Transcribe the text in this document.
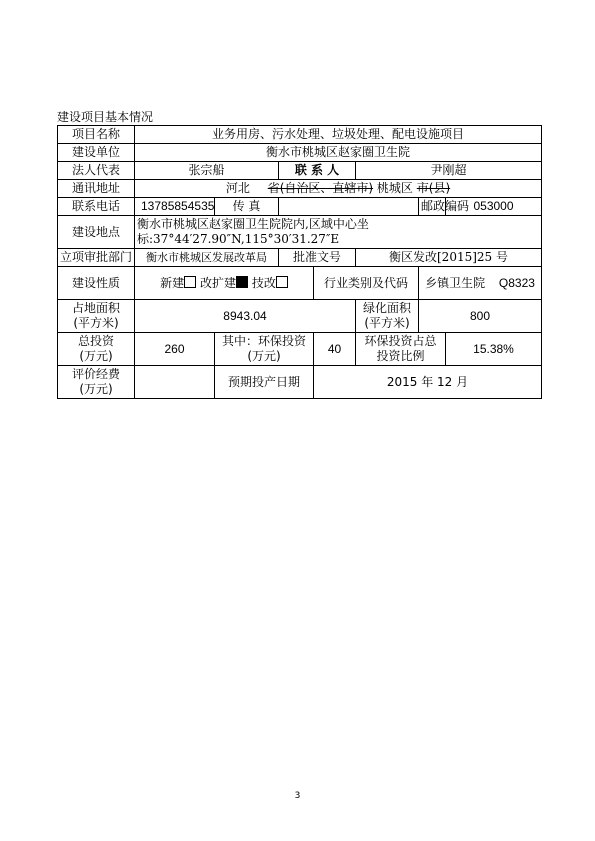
建设项目基本情况
项目名称	业务用房、污水处理、垃圾处理、配电设施项目						
建设单位	衡水市桃城区赵家圈卫生院						
法人代表	张宗船		联 系 人		尹刚超		
通讯地址	河北 省(自治区、直辖市) 桃城区 市(县)						
联系电话	13785854535	传 真				邮政编码	053000
建设地点	衡水市桃城区赵家圈卫生院院内,区域中心坐标:37°44′27.90″N,115°30′31.27″E						
立项审批部门	衡水市桃城区发展改革局		批准文号		衡区发改[2015]25 号		
建设性质	新建 改扩建 技改			行业类别及代码		乡镇卫生院 Q8323	
占地面积(平方米)	8943.04				绿化面积(平方米)	800	
总投资(万元)	260	其中：环保投资(万元)		40	环保投资占总投资比例		15.38%
评价经费(万元)		预期投产日期		2015 年 12 月			
3
